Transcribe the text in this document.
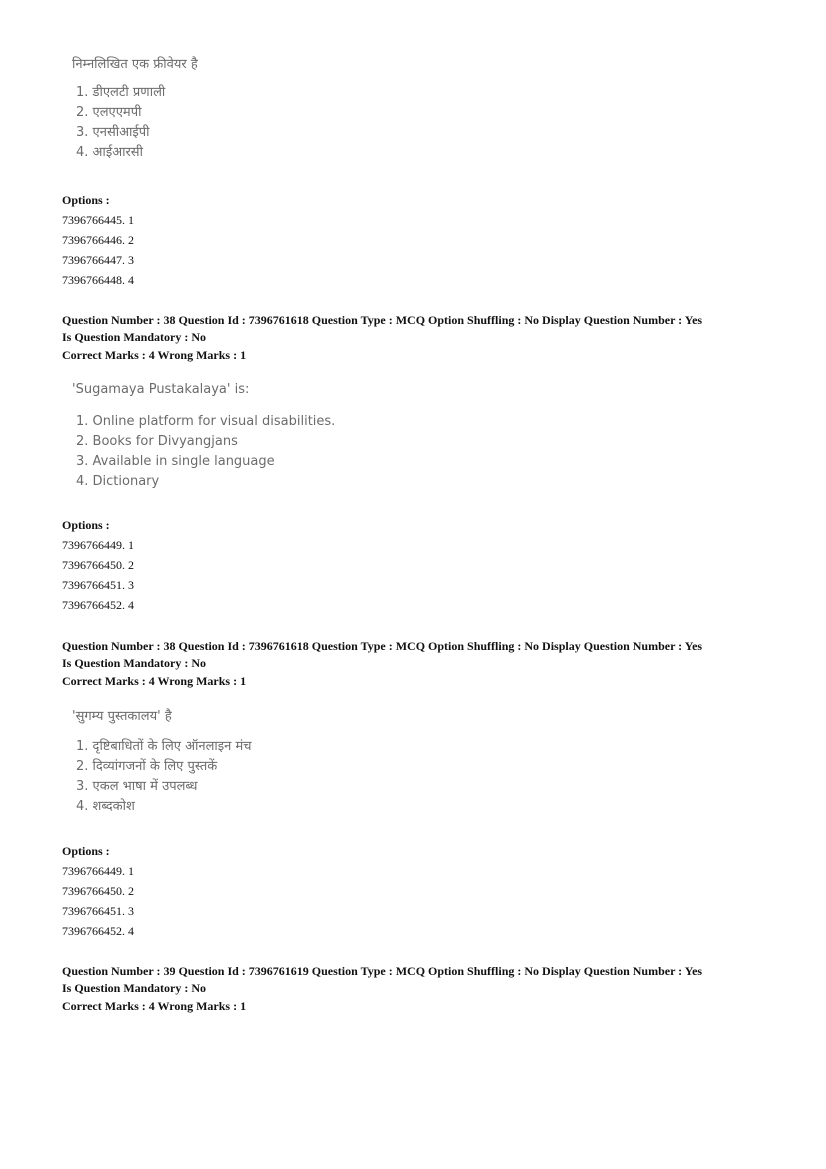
निम्नलिखित एक फ्रीवेयर है
1. डीएलटी प्रणाली
2. एलएएमपी
3. एनसीआईपी
4. आईआरसी
Options :
7396766445. 1
7396766446. 2
7396766447. 3
7396766448. 4
Question Number : 38 Question Id : 7396761618 Question Type : MCQ Option Shuffling : No Display Question Number : Yes
Is Question Mandatory : No
Correct Marks : 4 Wrong Marks : 1
'Sugamaya Pustakalaya' is:
1. Online platform for visual disabilities.
2. Books for Divyangjans
3. Available in single language
4. Dictionary
Options :
7396766449. 1
7396766450. 2
7396766451. 3
7396766452. 4
Question Number : 38 Question Id : 7396761618 Question Type : MCQ Option Shuffling : No Display Question Number : Yes
Is Question Mandatory : No
Correct Marks : 4 Wrong Marks : 1
'सुगम्य पुस्तकालय' है
1. दृष्टिबाधितों के लिए ऑनलाइन मंच
2. दिव्यांगजनों के लिए पुस्तकें
3. एकल भाषा में उपलब्ध
4. शब्दकोश
Options :
7396766449. 1
7396766450. 2
7396766451. 3
7396766452. 4
Question Number : 39 Question Id : 7396761619 Question Type : MCQ Option Shuffling : No Display Question Number : Yes
Is Question Mandatory : No
Correct Marks : 4 Wrong Marks : 1
